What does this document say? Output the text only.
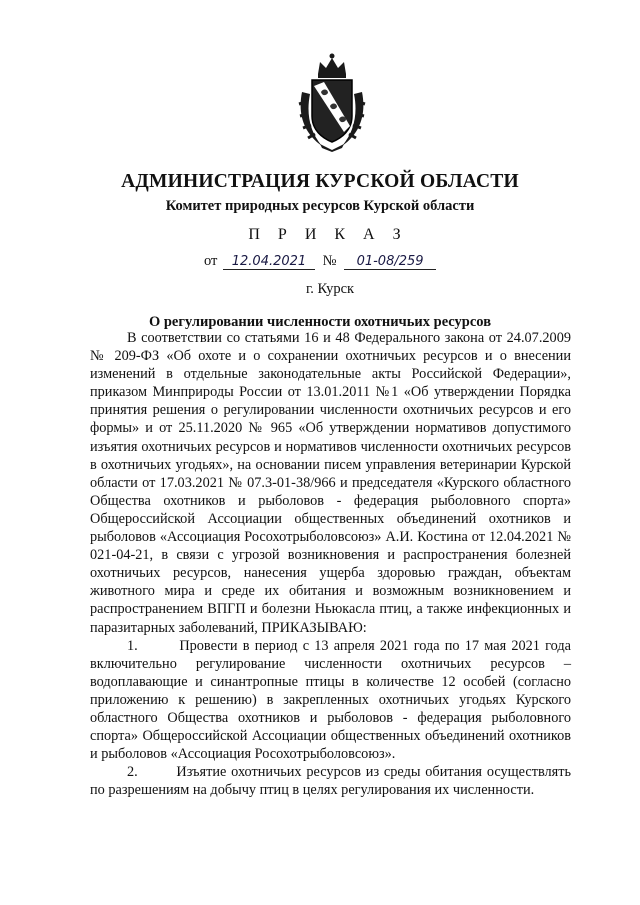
АДМИНИСТРАЦИЯ КУРСКОЙ ОБЛАСТИ
Комитет природных ресурсов Курской области
П Р И К А З
от 12.04.2021 № 01-08/259
г. Курск
О регулировании численности охотничьих ресурсов

В соответствии со статьями 16 и 48 Федерального закона от 24.07.2009 № 209-ФЗ «Об охоте и о сохранении охотничьих ресурсов и о внесении изменений в отдельные законодательные акты Российской Федерации», приказом Минприроды России от 13.01.2011 №1 «Об утверждении Порядка принятия решения о регулировании численности охотничьих ресурсов и его формы» и от 25.11.2020 № 965 «Об утверждении нормативов допустимого изъятия охотничьих ресурсов и нормативов численности охотничьих ресурсов в охотничьих угодьях», на основании писем управления ветеринарии Курской области от 17.03.2021 № 07.3-01-38/966 и председателя «Курского областного Общества охотников и рыболовов - федерация рыболовного спорта» Общероссийской Ассоциации общественных объединений охотников и рыболовов «Ассоциация Росохотрыболовсоюз» А.И. Костина от 12.04.2021 № 021-04-21, в связи с угрозой возникновения и распространения болезней охотничьих ресурсов, нанесения ущерба здоровью граждан, объектам животного мира и среде их обитания и возможным возникновением и распространением ВПГП и болезни Ньюкасла птиц, а также инфекционных и паразитарных заболеваний, ПРИКАЗЫВАЮ:

1.	Провести в период с 13 апреля 2021 года по 17 мая 2021 года включительно регулирование численности охотничьих ресурсов – водоплавающие и синантропные птицы в количестве 12 особей (согласно приложению к решению) в закрепленных охотничьих угодьях Курского областного Общества охотников и рыболовов - федерация рыболовного спорта» Общероссийской Ассоциации общественных объединений охотников и рыболовов «Ассоциация Росохотрыболовсоюз».

2.	Изъятие охотничьих ресурсов из среды обитания осуществлять по разрешениям на добычу птиц в целях регулирования их численности.
